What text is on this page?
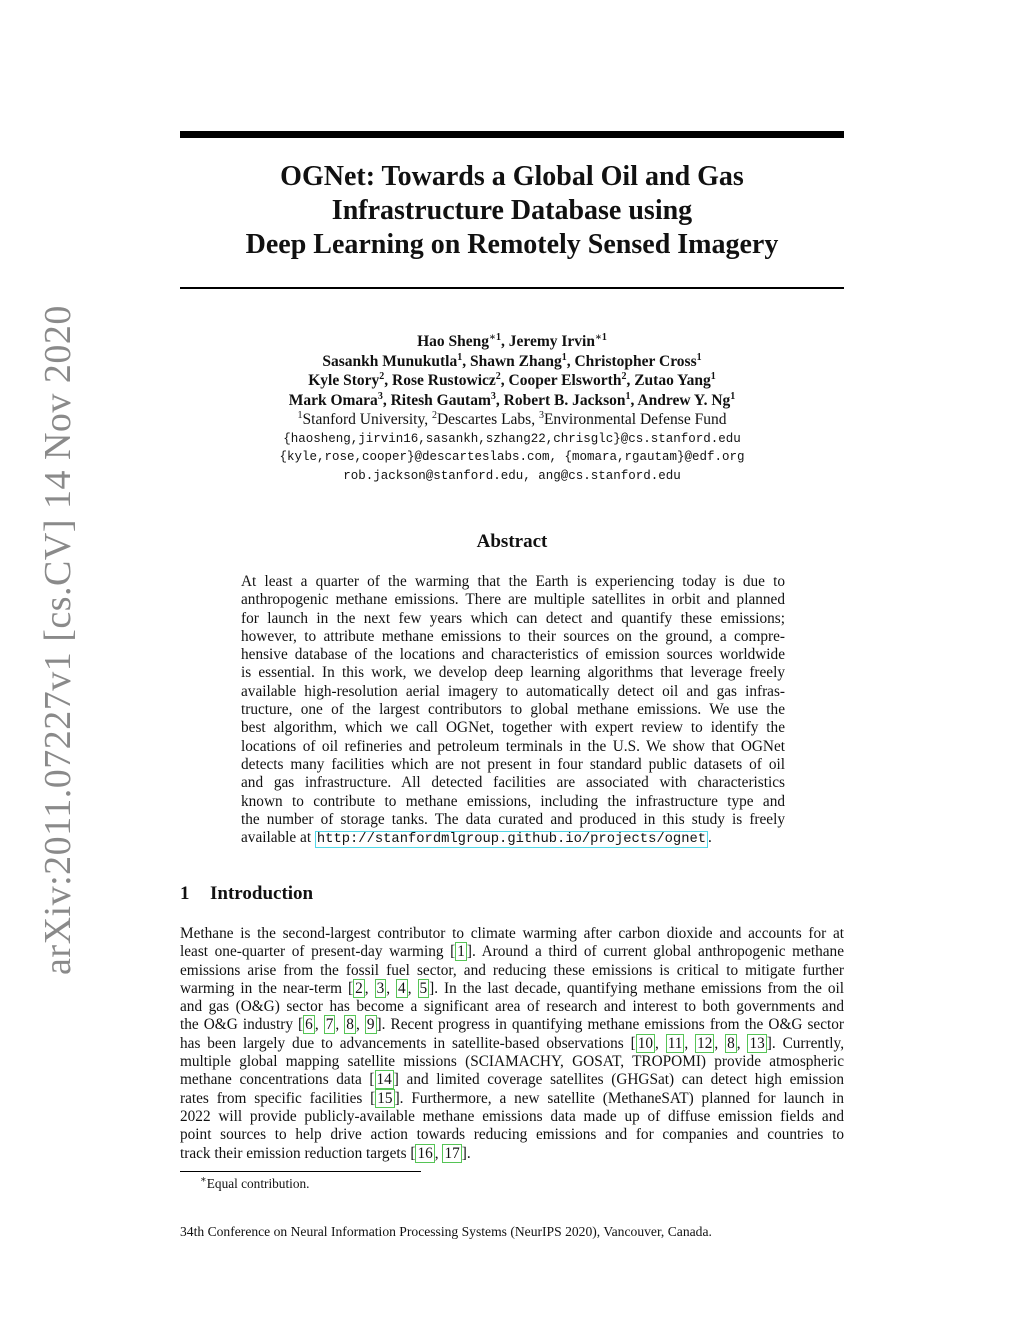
arXiv:2011.07227v1 [cs.CV] 14 Nov 2020
OGNet: Towards a Global Oil and Gas
Infrastructure Database using
Deep Learning on Remotely Sensed Imagery
Hao Sheng$^{∗1}$, Jeremy Irvin$^{∗1}$
Sasankh Munukutla$^1$, Shawn Zhang$^1$, Christopher Cross$^1$
Kyle Story$^2$, Rose Rustowicz$^2$, Cooper Elsworth$^2$, Zutao Yang$^1$
Mark Omara$^3$, Ritesh Gautam$^3$, Robert B. Jackson$^1$, Andrew Y. Ng$^1$
$^1$Stanford University, $^2$Descartes Labs, $^3$Environmental Defense Fund
{haosheng,jirvin16,sasankh,szhang22,chrisglc}@cs.stanford.edu
{kyle,rose,cooper}@descarteslabs.com, {momara,rgautam}@edf.org
rob.jackson@stanford.edu, ang@cs.stanford.edu
Abstract
At least a quarter of the warming that the Earth is experiencing today is due to
anthropogenic methane emissions. There are multiple satellites in orbit and planned
for launch in the next few years which can detect and quantify these emissions;
however, to attribute methane emissions to their sources on the ground, a compre-
hensive database of the locations and characteristics of emission sources worldwide
is essential. In this work, we develop deep learning algorithms that leverage freely
available high-resolution aerial imagery to automatically detect oil and gas infras-
tructure, one of the largest contributors to global methane emissions. We use the
best algorithm, which we call OGNet, together with expert review to identify the
locations of oil refineries and petroleum terminals in the U.S. We show that OGNet
detects many facilities which are not present in four standard public datasets of oil
and gas infrastructure. All detected facilities are associated with characteristics
known to contribute to methane emissions, including the infrastructure type and
the number of storage tanks. The data curated and produced in this study is freely
available at http://stanfordmlgroup.github.io/projects/ognet .
1 Introduction
Methane is the second-largest contributor to climate warming after carbon dioxide and accounts for at
least one-quarter of present-day warming [ 1 ]. Around a third of current global anthropogenic methane
emissions arise from the fossil fuel sector, and reducing these emissions is critical to mitigate further
warming in the near-term [ 2 , 3 , 4 , 5 ]. In the last decade, quantifying methane emissions from the oil
and gas (O&G) sector has become a significant area of research and interest to both governments and
the O&G industry [ 6 , 7 , 8 , 9 ]. Recent progress in quantifying methane emissions from the O&G sector
has been largely due to advancements in satellite-based observations [ 10 , 11 , 12 , 8 , 13 ]. Currently,
multiple global mapping satellite missions (SCIAMACHY, GOSAT, TROPOMI) provide atmospheric
methane concentrations data [ 14 ] and limited coverage satellites (GHGSat) can detect high emission
rates from specific facilities [ 15 ]. Furthermore, a new satellite (MethaneSAT) planned for launch in
2022 will provide publicly-available methane emissions data made up of diffuse emission fields and
point sources to help drive action towards reducing emissions and for companies and countries to
track their emission reduction targets [ 16 , 17 ].
∗Equal contribution.
34th Conference on Neural Information Processing Systems (NeurIPS 2020), Vancouver, Canada.
